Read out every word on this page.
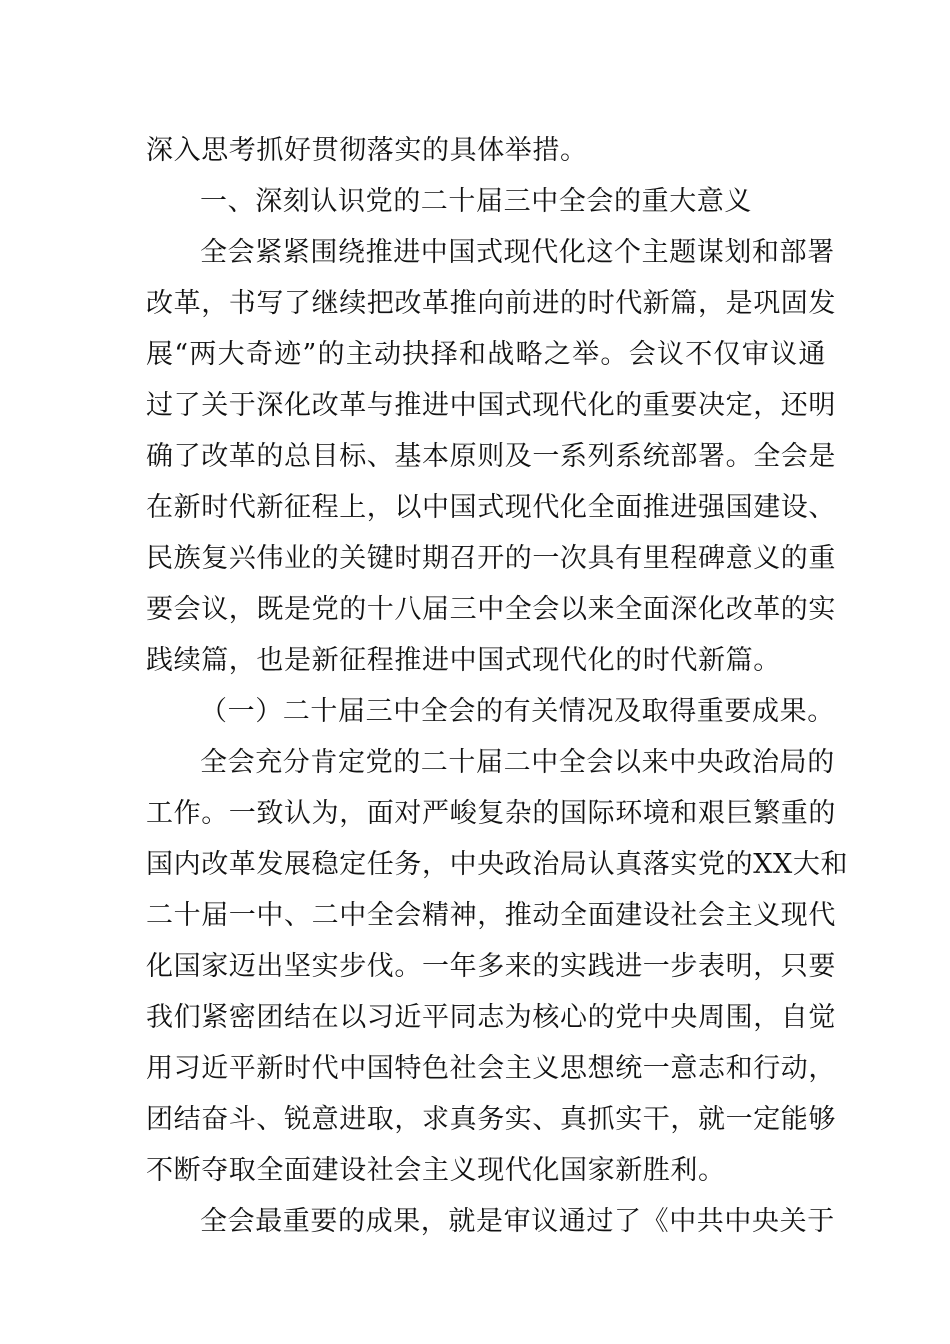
深入思考抓好贯彻落实的具体举措。
一、深刻认识党的二十届三中全会的重大意义
全会紧紧围绕推进中国式现代化这个主题谋划和部署
改革，书写了继续把改革推向前进的时代新篇，是巩固发
展“两大奇迹”的主动抉择和战略之举。会议不仅审议通
过了关于深化改革与推进中国式现代化的重要决定，还明
确了改革的总目标、基本原则及一系列系统部署。全会是
在新时代新征程上，以中国式现代化全面推进强国建设、
民族复兴伟业的关键时期召开的一次具有里程碑意义的重
要会议，既是党的十八届三中全会以来全面深化改革的实
践续篇，也是新征程推进中国式现代化的时代新篇。
（一）二十届三中全会的有关情况及取得重要成果。
全会充分肯定党的二十届二中全会以来中央政治局的
工作。一致认为，面对严峻复杂的国际环境和艰巨繁重的
国内改革发展稳定任务，中央政治局认真落实党的XX大和
二十届一中、二中全会精神，推动全面建设社会主义现代
化国家迈出坚实步伐。一年多来的实践进一步表明，只要
我们紧密团结在以习近平同志为核心的党中央周围，自觉
用习近平新时代中国特色社会主义思想统一意志和行动，
团结奋斗、锐意进取，求真务实、真抓实干，就一定能够
不断夺取全面建设社会主义现代化国家新胜利。
全会最重要的成果，就是审议通过了《中共中央关于
